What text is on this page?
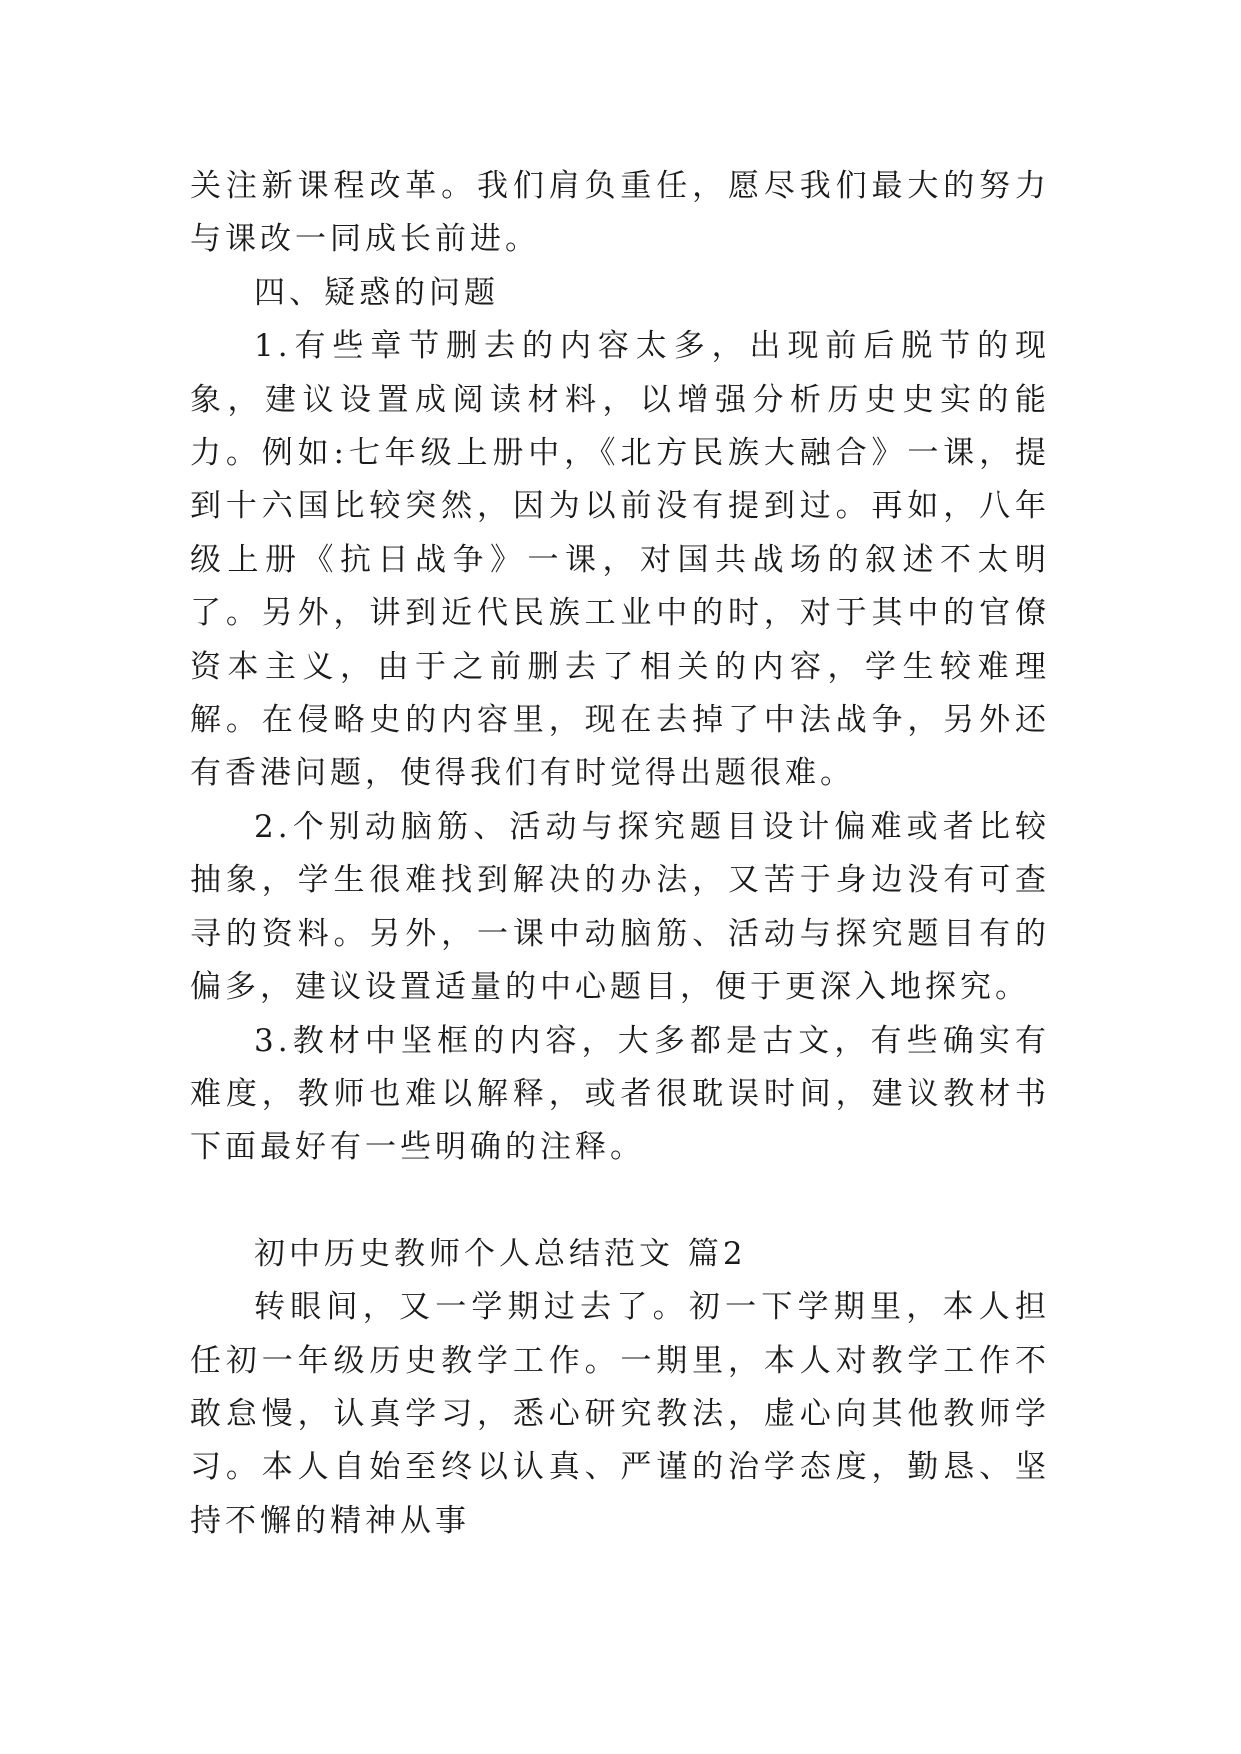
关注新课程改革。我们肩负重任，愿尽我们最大的努力与课改一同成长前进。

四、疑惑的问题

1.有些章节删去的内容太多，出现前后脱节的现象，建议设置成阅读材料，以增强分析历史史实的能力。例如:七年级上册中，《北方民族大融合》一课，提到十六国比较突然，因为以前没有提到过。再如，八年级上册《抗日战争》一课，对国共战场的叙述不太明了。另外，讲到近代民族工业中的时，对于其中的官僚资本主义，由于之前删去了相关的内容，学生较难理解。在侵略史的内容里，现在去掉了中法战争，另外还有香港问题，使得我们有时觉得出题很难。

2.个别动脑筋、活动与探究题目设计偏难或者比较抽象，学生很难找到解决的办法，又苦于身边没有可查寻的资料。另外，一课中动脑筋、活动与探究题目有的偏多，建议设置适量的中心题目，便于更深入地探究。

3.教材中坚框的内容，大多都是古文，有些确实有难度，教师也难以解释，或者很耽误时间，建议教材书下面最好有一些明确的注释。

初中历史教师个人总结范文 篇2

转眼间，又一学期过去了。初一下学期里，本人担任初一年级历史教学工作。一期里，本人对教学工作不敢怠慢，认真学习，悉心研究教法，虚心向其他教师学习。本人自始至终以认真、严谨的治学态度，勤恳、坚持不懈的精神从事
